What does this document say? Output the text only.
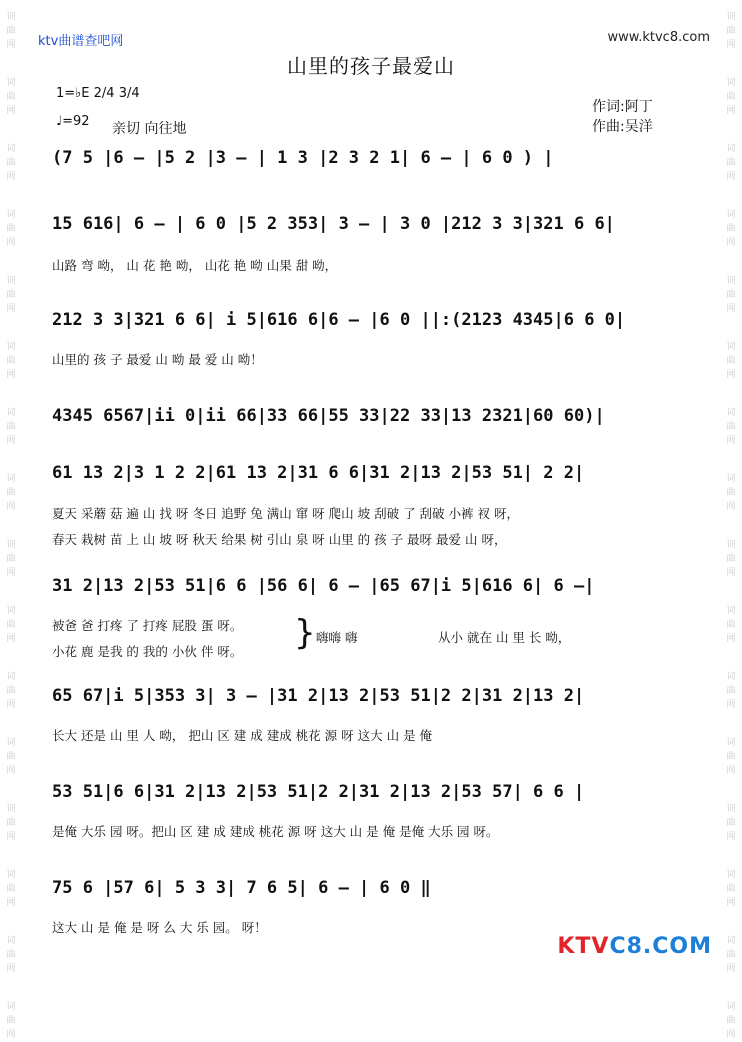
词
曲
网
词
曲
网
词
曲
网
词
曲
网
词
曲
网
词
曲
网
词
曲
网
词
曲
网
词
曲
网
词
曲
网
词
曲
网
词
曲
网
词
曲
网
词
曲
网
词
曲
网
词
曲
网
词
曲
网
词
曲
网
词
曲
网
词
曲
网
词
曲
网
词
曲
网
词
曲
网
词
曲
网
词
曲
网
词
曲
网
词
曲
网
词
曲
网
词
曲
网
词
曲
网
词
曲
网
词
曲
网
ktv曲谱查吧网	www.ktvc8.com
山里的孩子最爱山
1=♭E 2/4 3/4
♩=92 亲切 向往地
作词:阿丁
作曲:吴洋
(7 5 |6 – |5 2 |3 – | 1 3 |2 3 2 1| 6 – | 6 0 ) |
15 616| 6 – | 6 0 |5 2 353| 3 – | 3 0 |212 3 3|321 6 6|
山路 弯 呦， 山 花 艳 呦， 山花 艳 呦 山果 甜 呦，
212 3 3|321 6 6| i 5|616 6|6 – |6 0 ||:(2123 4345|6 6 0|
山里的 孩 子 最爱 山 呦 最 爱 山 呦！
4345 6567|ii 0|ii 66|33 66|55 33|22 33|13 2321|60 60)|
61 13 2|3 1 2 2|61 13 2|31 6 6|31 2|13 2|53 51| 2 2|
夏天 采蘑 菇 遍 山 找 呀 冬日 追野 兔 满山 窜 呀 爬山 坡 刮破 了 刮破 小裤 衩 呀，
春天 栽树 苗 上 山 坡 呀 秋天 给果 树 引山 泉 呀 山里 的 孩 子 最呀 最爱 山 呀，
31 2|13 2|53 51|6 6 |56 6| 6 – |65 67|i 5|616 6| 6 –|
被爸 爸 打疼 了 打疼 屁股 蛋 呀。
小花 鹿 是我 的 我的 小伙 伴 呀。 } 嗨嗨 嗨	从小 就在 山 里 长 呦，
65 67|i 5|353 3| 3 – |31 2|13 2|53 51|2 2|31 2|13 2|
长大 还是 山 里 人 呦， 把山 区 建 成 建成 桃花 源 呀 这大 山 是 俺
53 51|6 6|31 2|13 2|53 51|2 2|31 2|13 2|53 57| 6 6 |
是俺 大乐 园 呀。把山 区 建 成 建成 桃花 源 呀 这大 山 是 俺 是俺 大乐 园 呀。
75 6 |57 6| 5 3 3| 7 6 5| 6 – | 6 0 ‖
这大 山 是 俺 是 呀 么 大 乐 园。 呀！
KTVC8.COM
